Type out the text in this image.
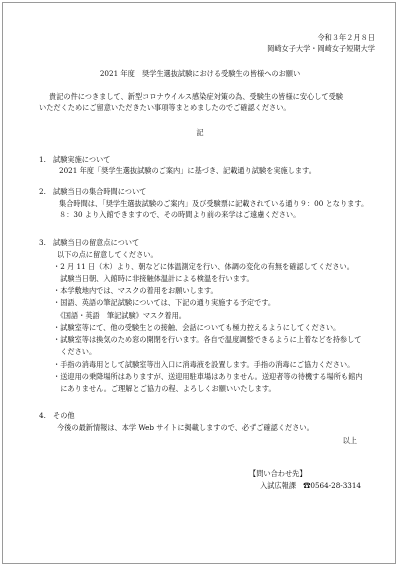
令和３年２月８日
岡崎女子大学・岡崎女子短期大学
2021 年度　奨学生選抜試験における受験生の皆様へのお願い
貴記の件につきまして、新型コロナウイルス感染症対策の為、受験生の皆様に安心して受験
いただくためにご留意いただきたい事項等まとめましたのでご確認ください。
記
1.　試験実施について
2021 年度「奨学生選抜試験のご案内」に基づき、記載通り試験を実施します。
2.　試験当日の集合時間について
集合時間は、「奨学生選抜試験のご案内」及び受験票に記載されている通り９：00 となります。
８：30 より入館できますので、その時間より前の来学はご遠慮ください。
3.　試験当日の留意点について
以下の点に留意してください。
・2 月 11 日（木）より、朝などに体温測定を行い、体調の変化の有無を確認してください。
　試験当日朝、入館時に非接触体温計による検温を行います。
・本学敷地内では、マスクの着用をお願いします。
・国語、英語の筆記試験については、下記の通り実施する予定です。
　《国語・英語　筆記試験》マスク着用。
・試験室等にて、他の受験生との接触、会話についても極力控えるようにしてください。
・試験室等は換気のため窓の開閉を行います。各自で温度調整できるように上着などを持参して
　ください。
・手指の消毒用として試験室等出入口に消毒液を設置します。手指の消毒にご協力ください。
・送迎用の乗降場所はありますが、送迎用駐車場はありません。送迎者等の待機する場所も館内
　にありません。ご理解とご協力の程、よろしくお願いいたします。
4.　その他
今後の最新情報は、本学 Web サイトに掲載しますので、必ずご確認ください。
以上
【問い合わせ先】
入試広報課　☎0564-28-3314
